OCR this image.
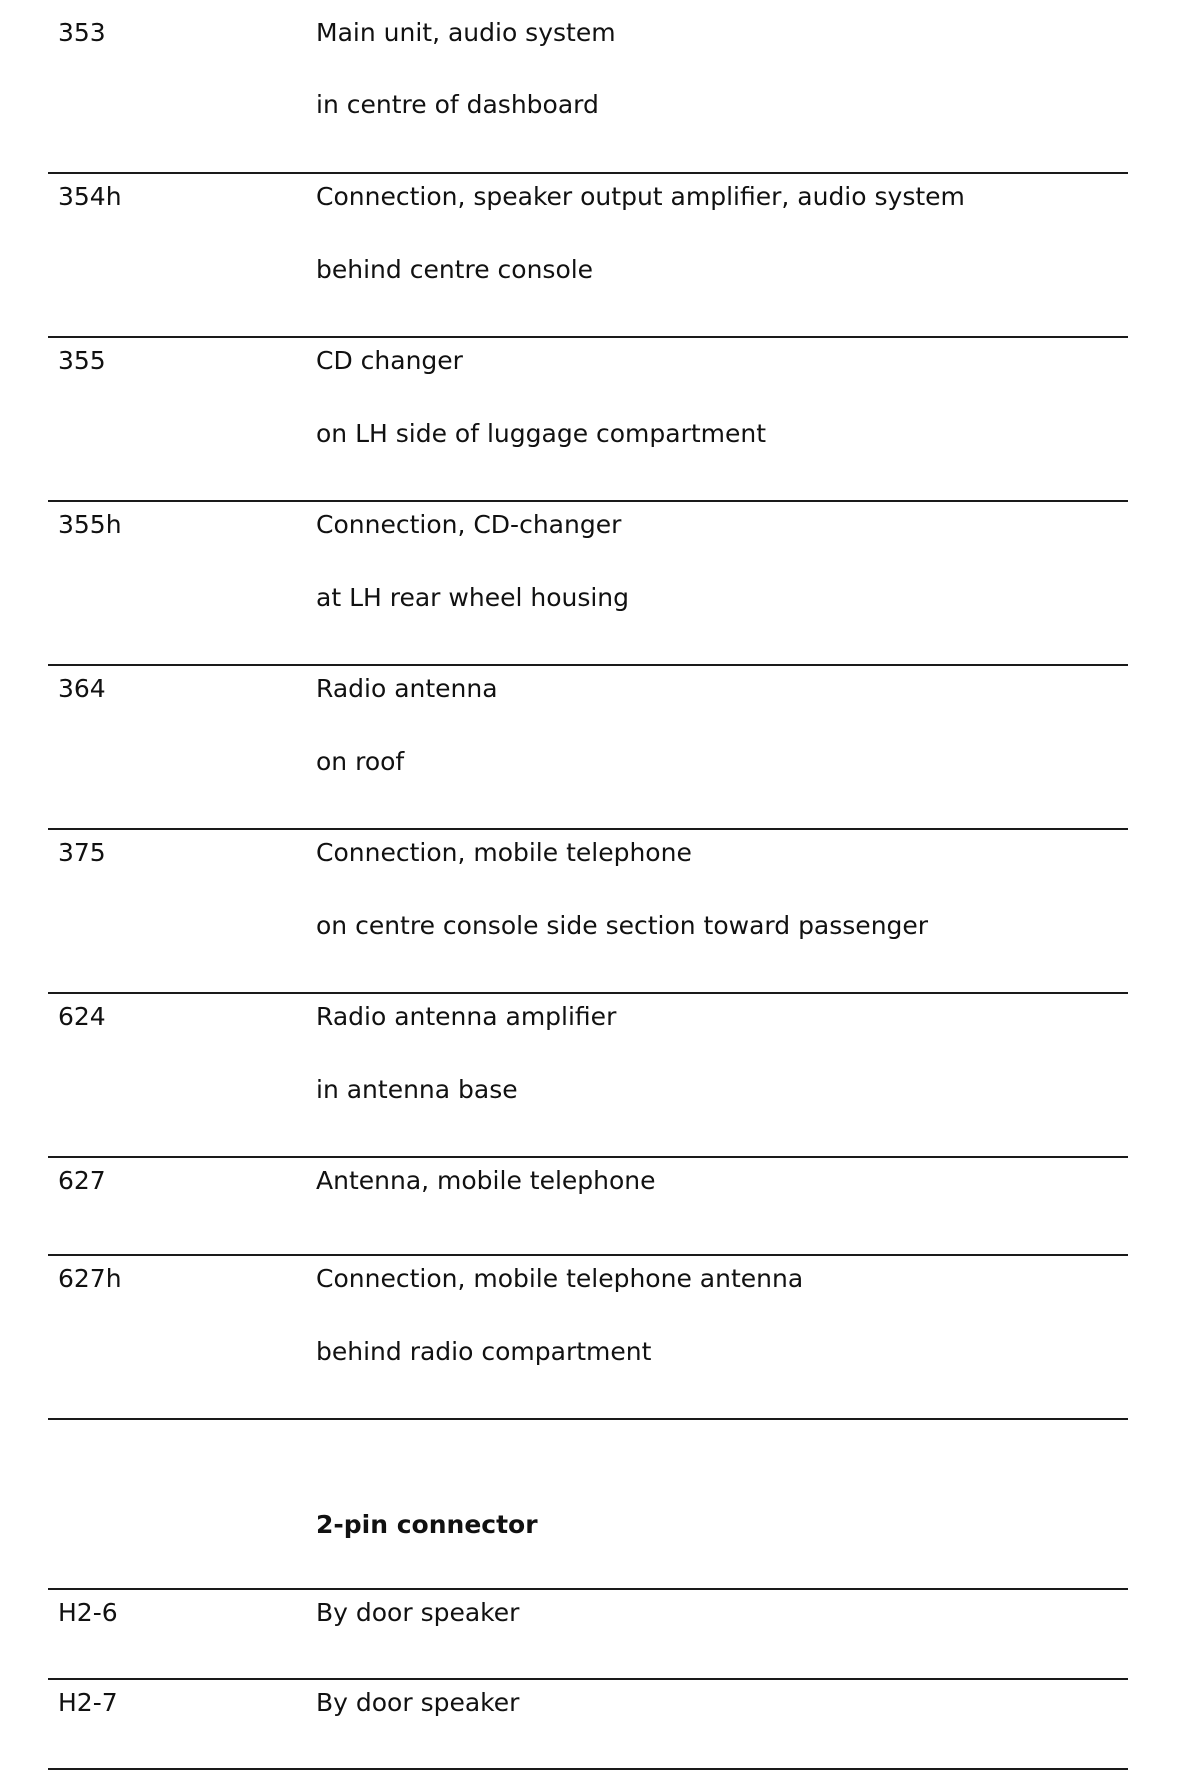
353	Main unit, audio system
in centre of dashboard
354h	Connection, speaker output amplifier, audio system
behind centre console
355	CD changer
on LH side of luggage compartment
355h	Connection, CD-changer
at LH rear wheel housing
364	Radio antenna
on roof
375	Connection, mobile telephone
on centre console side section toward passenger
624	Radio antenna amplifier
in antenna base
627	Antenna, mobile telephone
627h	Connection, mobile telephone antenna
behind radio compartment
2-pin connector
H2-6	By door speaker
H2-7	By door speaker
